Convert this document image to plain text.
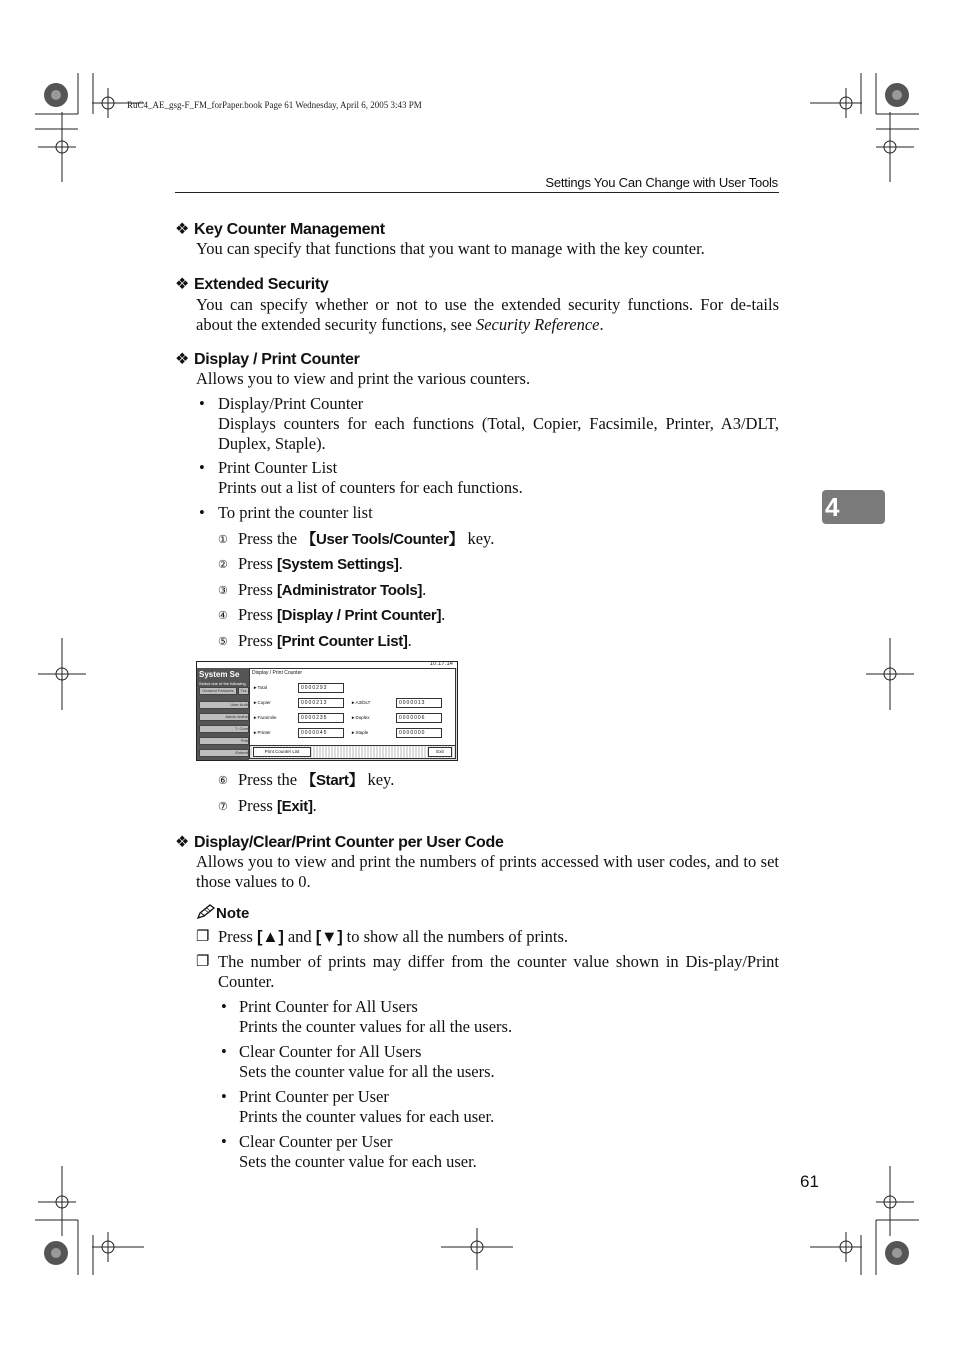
RuC4_AE_gsg-F_FM_forPaper.book Page 61 Wednesday, April 6, 2005 3:43 PM
Settings You Can Change with User Tools
4
❖ Key Counter Management
You can specify that functions that you want to manage with the key counter.
❖ Extended Security
You can specify whether or not to use the extended security functions. For de-tails about the extended security functions, see Security Reference.
❖ Display / Print Counter
Allows you to view and print the various counters.
• Display/Print Counter
Displays counters for each functions (Total, Copier, Facsimile, Printer, A3/DLT, Duplex, Staple).
• Print Counter List
Prints out a list of counters for each functions.
• To print the counter list
① Press the 【User Tools/Counter】 key.
② Press [System Settings].
③ Press [Administrator Tools].
④ Press [Display / Print Counter].
⑤ Press [Print Counter List].
10:17:14
System Se
Select one of the following
General Features	Tra
User Auth
Admin Authe
7: Com
Prin
Extend
Display / Print Counter
►Total	0000293
►Copier	0000213	►A3/DLT	0000013
►Facsimile	0000235	►Duplex	0000006
►Printer	0000045	►Staple	0000000
Print Counter List	Exit
⑥ Press the 【Start】 key.
⑦ Press [Exit].
❖ Display/Clear/Print Counter per User Code
Allows you to view and print the numbers of prints accessed with user codes, and to set those values to 0.
Note
❐ Press [▲] and [▼] to show all the numbers of prints.
❐ The number of prints may differ from the counter value shown in Dis-play/Print Counter.
• Print Counter for All Users
Prints the counter values for all the users.
• Clear Counter for All Users
Sets the counter value for all the users.
• Print Counter per User
Prints the counter values for each user.
• Clear Counter per User
Sets the counter value for each user.
61
